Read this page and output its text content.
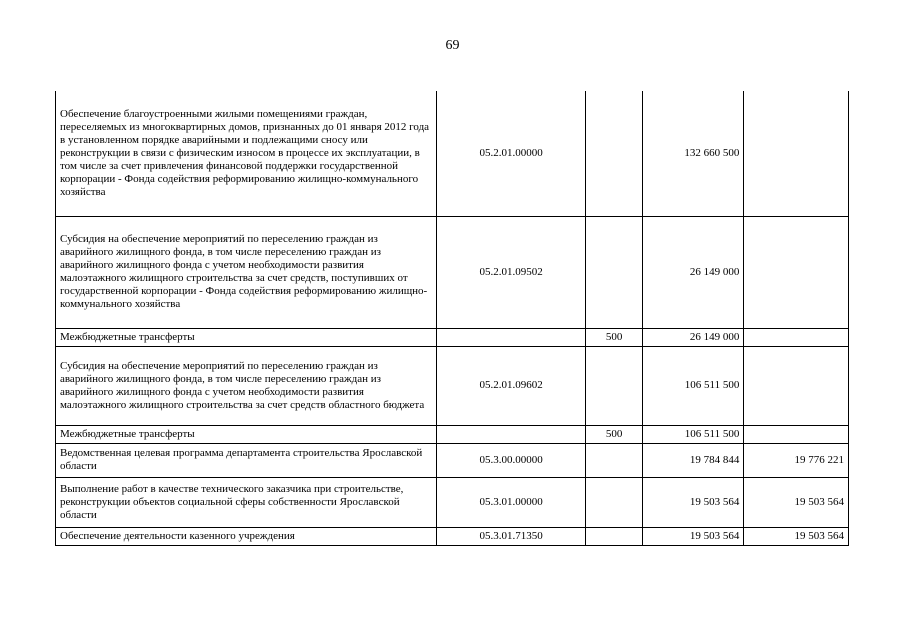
69
Обеспечение благоустроенными жилыми помещениями граждан, переселяемых из многоквартирных домов, признанных до 01 января 2012 года в установленном порядке аварийными и подлежащими сносу или реконструкции в связи с физическим износом в процессе их эксплуатации, в том числе за счет привлечения финансовой поддержки государственной корпорации - Фонда содействия реформированию жилищно-коммунального хозяйства	05.2.01.00000		132 660 500	
Субсидия на обеспечение мероприятий по переселению граждан из аварийного жилищного фонда, в том числе переселению граждан из аварийного жилищного фонда с учетом необходимости развития малоэтажного жилищного строительства за счет средств, поступивших от государственной корпорации - Фонда содействия реформированию жилищно-коммунального хозяйства	05.2.01.09502		26 149 000	
Межбюджетные трансферты		500	26 149 000	
Субсидия на обеспечение мероприятий по переселению граждан из аварийного жилищного фонда, в том числе переселению граждан из аварийного жилищного фонда с учетом необходимости развития малоэтажного жилищного строительства за счет средств областного бюджета	05.2.01.09602		106 511 500	
Межбюджетные трансферты		500	106 511 500	
Ведомственная целевая программа департамента строительства Ярославской области	05.3.00.00000		19 784 844	19 776 221
Выполнение работ в качестве технического заказчика при строительстве, реконструкции объектов социальной сферы собственности Ярославской области	05.3.01.00000		19 503 564	19 503 564
Обеспечение деятельности казенного учреждения	05.3.01.71350		19 503 564	19 503 564
